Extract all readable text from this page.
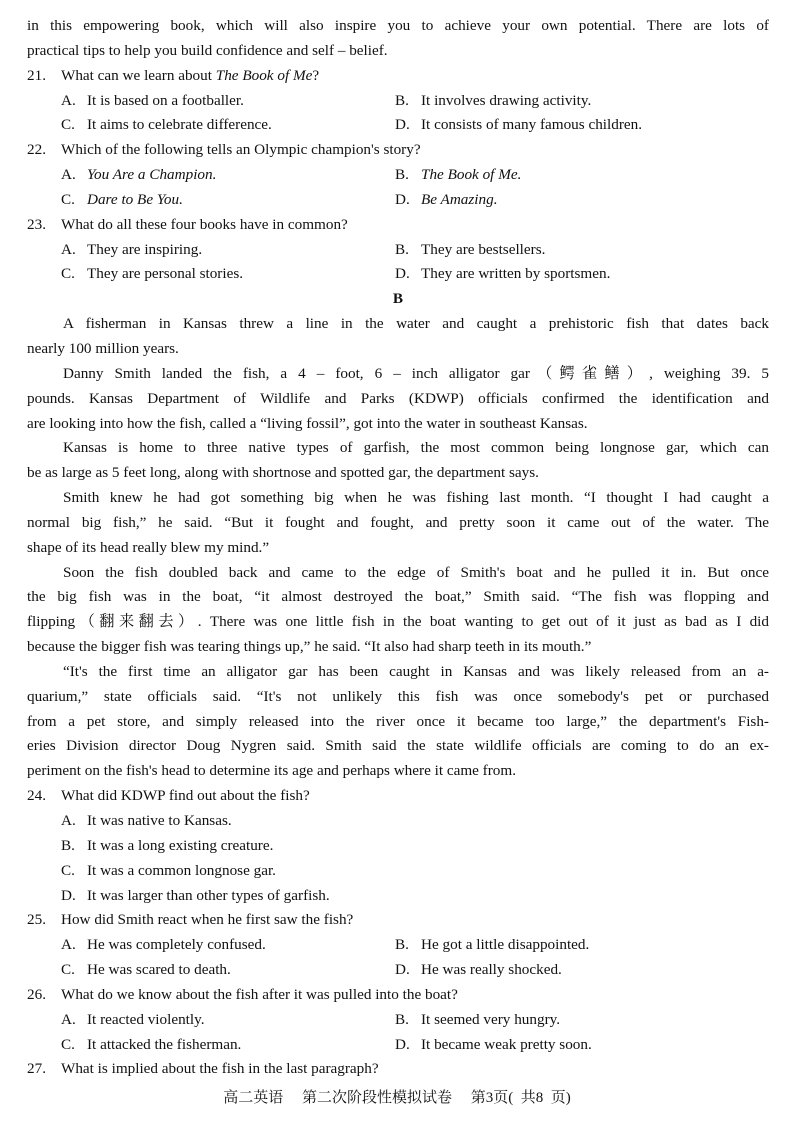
in this empowering book, which will also inspire you to achieve your own potential. There are lots of
practical tips to help you build confidence and self – belief.
21. What can we learn about The Book of Me?
A. It is based on a footballer.	B. It involves drawing activity.
C. It aims to celebrate difference.	D. It consists of many famous children.
22. Which of the following tells an Olympic champion's story?
A. You Are a Champion.	B. The Book of Me.
C. Dare to Be You.	D. Be Amazing.
23. What do all these four books have in common?
A. They are inspiring.	B. They are bestsellers.
C. They are personal stories.	D. They are written by sportsmen.
B
A fisherman in Kansas threw a line in the water and caught a prehistoric fish that dates back
nearly 100 million years.
Danny Smith landed the fish, a 4 – foot, 6 – inch alligator gar（鳄雀鳝）, weighing 39. 5
pounds. Kansas Department of Wildlife and Parks (KDWP) officials confirmed the identification and
are looking into how the fish, called a “living fossil”, got into the water in southeast Kansas.
Kansas is home to three native types of garfish, the most common being longnose gar, which can
be as large as 5 feet long, along with shortnose and spotted gar, the department says.
Smith knew he had got something big when he was fishing last month. “I thought I had caught a
normal big fish,” he said. “But it fought and fought, and pretty soon it came out of the water. The
shape of its head really blew my mind.”
Soon the fish doubled back and came to the edge of Smith's boat and he pulled it in. But once
the big fish was in the boat, “it almost destroyed the boat,” Smith said. “The fish was flopping and
flipping（翻来翻去）. There was one little fish in the boat wanting to get out of it just as bad as I did
because the bigger fish was tearing things up,” he said. “It also had sharp teeth in its mouth.”
“It's the first time an alligator gar has been caught in Kansas and was likely released from an a-
quarium,” state officials said. “It's not unlikely this fish was once somebody's pet or purchased
from a pet store, and simply released into the river once it became too large,” the department's Fish-
eries Division director Doug Nygren said. Smith said the state wildlife officials are coming to do an ex-
periment on the fish's head to determine its age and perhaps where it came from.
24. What did KDWP find out about the fish?
A. It was native to Kansas.
B. It was a long existing creature.
C. It was a common longnose gar.
D. It was larger than other types of garfish.
25. How did Smith react when he first saw the fish?
A. He was completely confused.	B. He got a little disappointed.
C. He was scared to death.	D. He was really shocked.
26. What do we know about the fish after it was pulled into the boat?
A. It reacted violently.	B. It seemed very hungry.
C. It attacked the fisherman.	D. It became weak pretty soon.
27. What is implied about the fish in the last paragraph?
高二英语 第二次阶段性模拟试卷 第3页(  共8  页)
